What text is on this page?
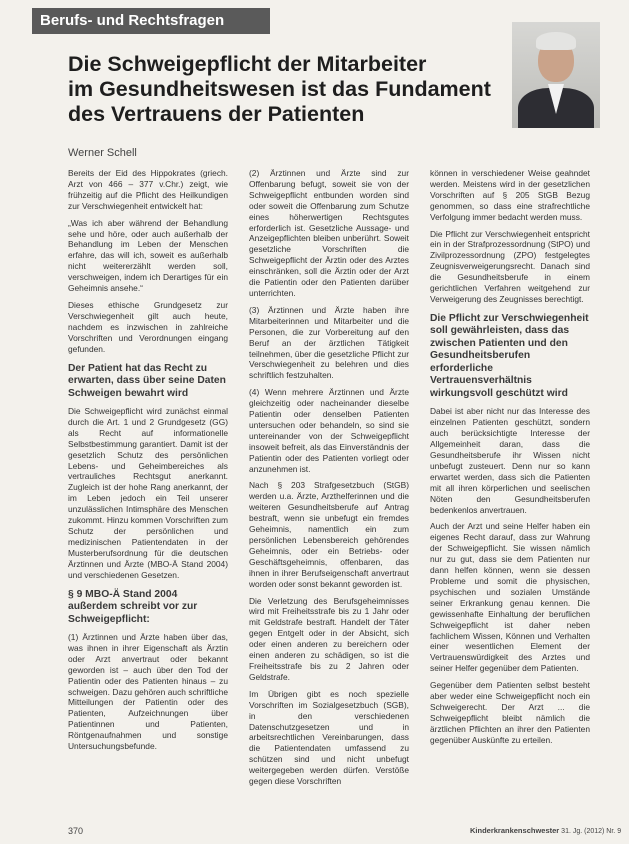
Berufs- und Rechtsfragen
Die Schweigepflicht der Mitarbeiter
im Gesundheitswesen ist das Fundament
des Vertrauens der Patienten
Werner Schell

Bereits der Eid des Hippokrates (griech. Arzt von 466 – 377 v.Chr.) zeigt, wie frühzeitig auf die Pflicht des Heilkundigen zur Verschwiegenheit entwickelt hat:

„Was ich aber während der Behandlung sehe und höre, oder auch außerhalb der Behandlung im Leben der Menschen erfahre, das will ich, soweit es außerhalb nicht weitererzählt werden soll, verschweigen, indem ich Derartiges für ein Geheimnis ansehe.“

Dieses ethische Grundgesetz zur Verschwiegenheit gilt auch heute, nachdem es inzwischen in zahlreiche Vorschriften und Verordnungen eingang gefunden.

Der Patient hat das Recht zu erwarten, dass über seine Daten Schweigen bewahrt wird

Die Schweigepflicht wird zunächst einmal durch die Art. 1 und 2 Grundgesetz (GG) als Recht auf informationelle Selbstbestimmung garantiert. Damit ist der gesetzlich Schutz des persönlichen Lebens- und Geheimbereiches als vertrauliches Rechtsgut anerkannt. Zugleich ist der hohe Rang anerkannt, der im Leben jedoch ein Teil unserer unzulässlichen Intimsphäre des Menschen zukommt. Hinzu kommen Vorschriften zum Schutz der persönlichen und medizinischen Patientendaten in der Musterberufsordnung für die deutschen Ärztinnen und Ärzte (MBO-Ä Stand 2004) und verschiedenen Gesetzen.

§ 9 MBO-Ä Stand 2004 außerdem schreibt vor zur Schweigepflicht:

(1) Ärztinnen und Ärzte haben über das, was ihnen in ihrer Eigenschaft als Ärztin oder Arzt anvertraut oder bekannt geworden ist – auch über den Tod der Patientin oder des Patienten hinaus – zu schweigen. Dazu gehören auch schriftliche Mitteilungen der Patientin oder des Patienten, Aufzeichnungen über Patientinnen und Patienten, Röntgenaufnahmen und sonstige Untersuchungsbefunde.

(2) Ärztinnen und Ärzte sind zur Offenbarung befugt, soweit sie von der Schweigepflicht entbunden worden sind oder soweit die Offenbarung zum Schutze eines höherwertigen Rechtsgutes erforderlich ist. Gesetzliche Aussage- und Anzeigepflichten bleiben unberührt. Soweit gesetzliche Vorschriften die Schweigepflicht der Ärztin oder des Arztes einschränken, soll die Ärztin oder der Arzt die Patientin oder den Patienten darüber unterrichten.

(3) Ärztinnen und Ärzte haben ihre Mitarbeiterinnen und Mitarbeiter und die Personen, die zur Vorbereitung auf den Beruf an der ärztlichen Tätigkeit teilnehmen, über die gesetzliche Pflicht zur Verschwiegenheit zu belehren und dies schriftlich festzuhalten.

(4) Wenn mehrere Ärztinnen und Ärzte gleichzeitig oder nacheinander dieselbe Patientin oder denselben Patienten untersuchen oder behandeln, so sind sie untereinander von der Schweigepflicht insoweit befreit, als das Einverständnis der Patientin oder des Patienten vorliegt oder anzunehmen ist.

Nach § 203 Strafgesetzbuch (StGB) werden u.a. Ärzte, Arzthelferinnen und die weiteren Gesundheitsberufe auf Antrag bestraft, wenn sie unbefugt ein fremdes Geheimnis, namentlich ein zum persönlichen Lebensbereich gehörendes Geheimnis, oder ein Betriebs- oder Geschäftsgeheimnis, offenbaren, das ihnen in ihrer Berufseigenschaft anvertraut worden oder sonst bekannt geworden ist.

Die Verletzung des Berufsgeheimnisses wird mit Freiheitsstrafe bis zu 1 Jahr oder mit Geldstrafe bestraft. Handelt der Täter gegen Entgelt oder in der Absicht, sich oder einen anderen zu bereichern oder einen anderen zu schädigen, so ist die Freiheitsstrafe bis zu 2 Jahren oder Geldstrafe.

Im Übrigen gibt es noch spezielle Vorschriften im Sozialgesetzbuch (SGB), in den verschiedenen Datenschutzgesetzen und in arbeitsrechtlichen Vereinbarungen, dass die Patientendaten umfassend zu schützen sind und nicht unbefugt weitergegeben werden dürfen. Verstöße gegen diese Vorschriften

können in verschiedener Weise geahndet werden. Meistens wird in der gesetzlichen Vorschriften auf § 205 StGB Bezug genommen, so dass eine strafrechtliche Verfolgung immer bedacht werden muss.

Die Pflicht zur Verschwiegenheit entspricht ein in der Strafprozessordnung (StPO) und Zivilprozessordnung (ZPO) festgelegtes Zeugnisverweigerungsrecht. Danach sind die Gesundheitsberufe in einem gerichtlichen Verfahren weitgehend zur Verweigerung des Zeugnisses berechtigt.

Die Pflicht zur Verschwiegenheit soll gewährleisten, dass das zwischen Patienten und den Gesundheitsberufen erforderliche Vertrauensverhältnis wirkungsvoll geschützt wird

Dabei ist aber nicht nur das Interesse des einzelnen Patienten geschützt, sondern auch berücksichtigte Interesse der Allgemeinheit daran, dass die Gesundheitsberufe ihr Wissen nicht unbefugt zusteuert. Denn nur so kann erwartet werden, dass sich die Patienten mit all ihren körperlichen und seelischen Nöten den Gesundheitsberufen bedenkenlos anvertrauen.

Auch der Arzt und seine Helfer haben ein eigenes Recht darauf, dass zur Wahrung der Schweigepflicht. Sie wissen nämlich nur zu gut, dass sie dem Patienten nur dann helfen können, wenn sie dessen Probleme und somit die physischen, psychischen und sozialen Umstände seiner Erkrankung genau kennen. Die gewissenhafte Einhaltung der beruflichen Schweigepflicht ist daher neben fachlichem Wissen, Können und Verhalten einer wesentlichen Element der Vertrauenswürdigkeit des Arztes und seiner Helfer gegenüber dem Patienten.

Gegenüber dem Patienten selbst besteht aber weder eine Schweigepflicht noch ein Schweigerecht. Der Arzt ... die Schweigepflicht bleibt nämlich die ärztlichen Pflichten an ihrer den Patienten gegenüber Auskünfte zu erteilen.

370	Kinderkrankenschwester 31. Jg. (2012) Nr. 9
